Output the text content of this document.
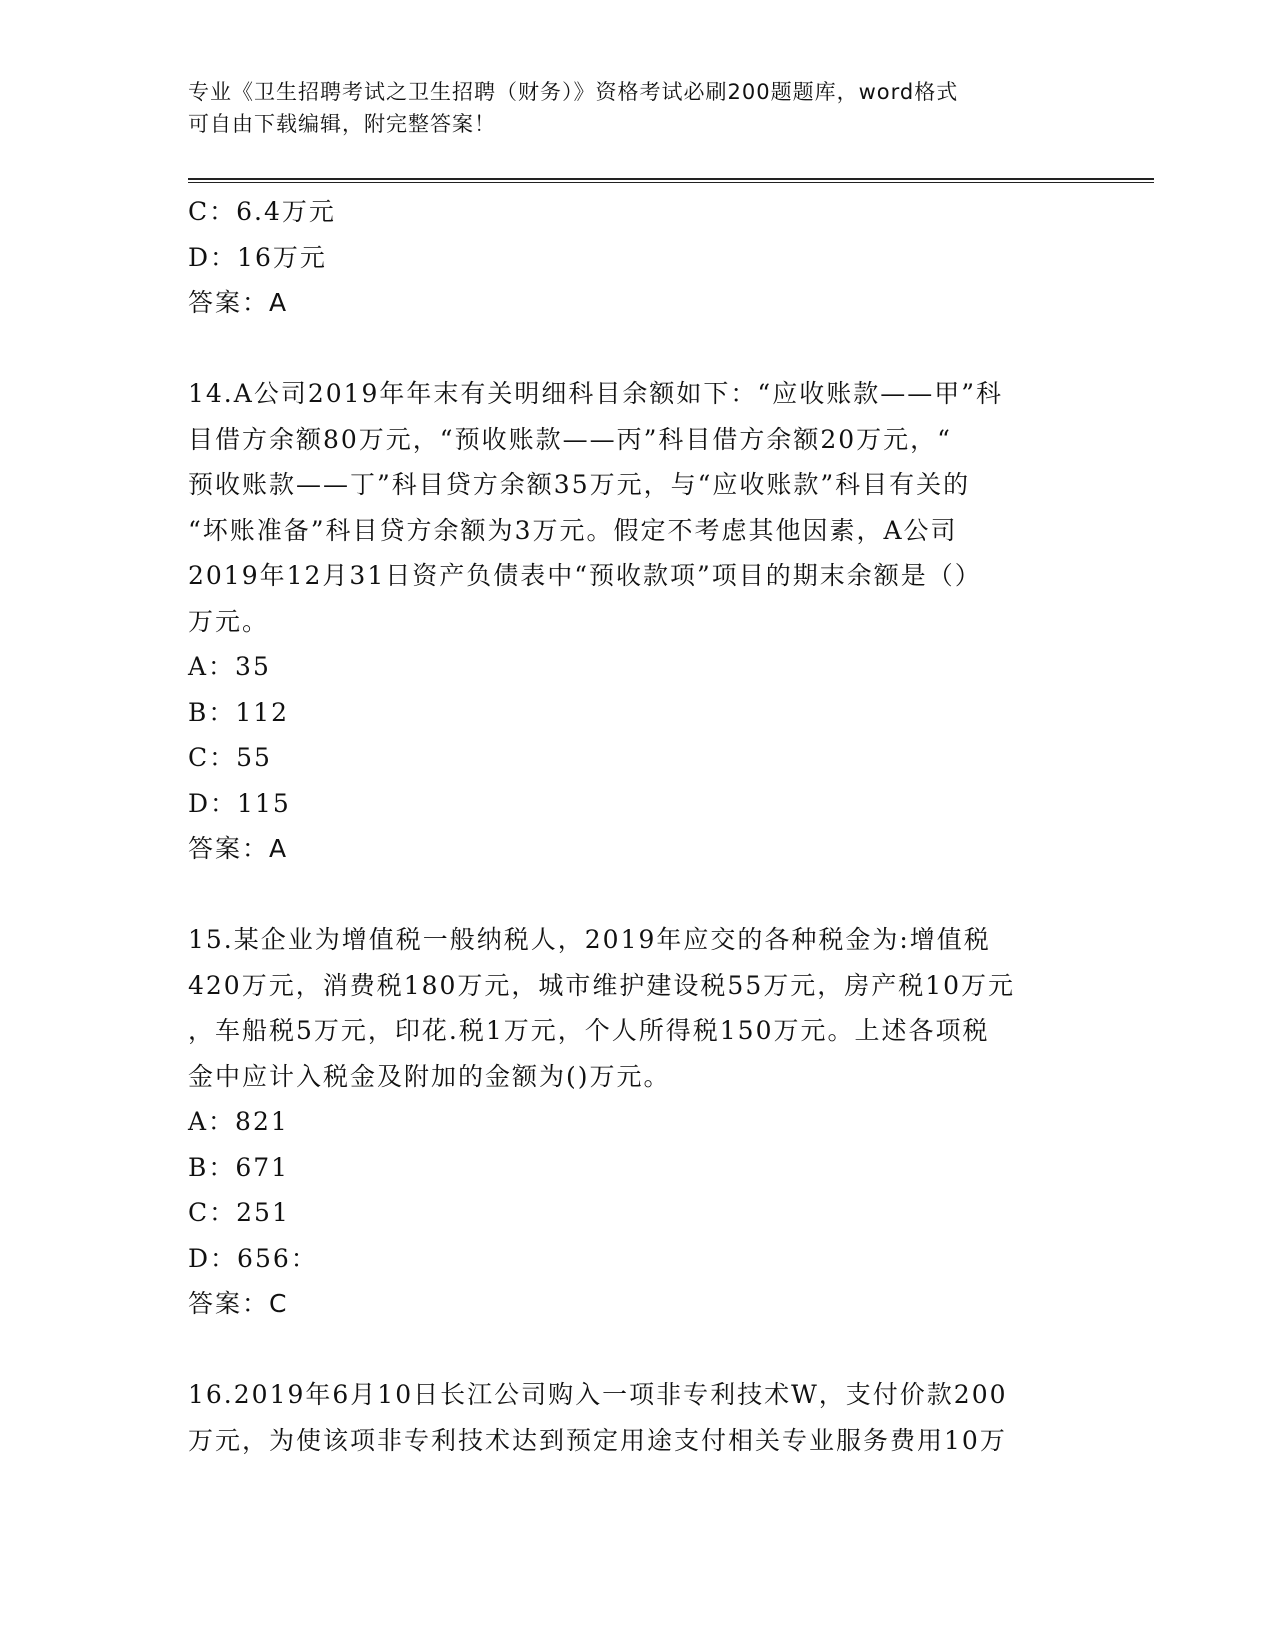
专业《卫生招聘考试之卫生招聘（财务）》资格考试必刷200题题库，word格式
可自由下载编辑，附完整答案！
C：6.4万元
D：16万元
答案：A
14.A公司2019年年末有关明细科目余额如下：“应收账款——甲”科
目借方余额80万元，“预收账款——丙”科目借方余额20万元，“
预收账款——丁”科目贷方余额35万元，与“应收账款”科目有关的
“坏账准备”科目贷方余额为3万元。假定不考虑其他因素，A公司
2019年12月31日资产负债表中“预收款项”项目的期末余额是（）
万元。
A：35
B：112
C：55
D：115
答案：A
15.某企业为增值税一般纳税人，2019年应交的各种税金为:增值税
420万元，消费税180万元，城市维护建设税55万元，房产税10万元
，车船税5万元，印花.税1万元，个人所得税150万元。上述各项税
金中应计入税金及附加的金额为()万元。
A：821
B：671
C：251
D：656：
答案：C
16.2019年6月10日长江公司购入一项非专利技术W，支付价款200
万元，为使该项非专利技术达到预定用途支付相关专业服务费用10万
